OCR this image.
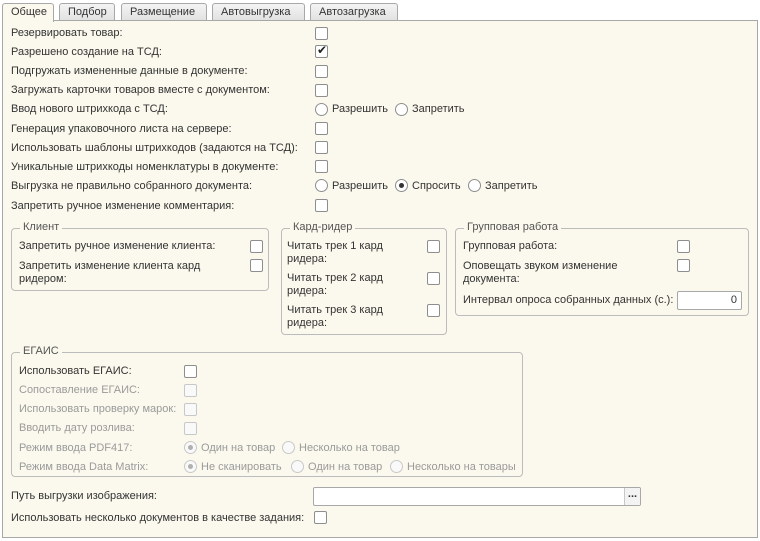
Общее	Подбор	Размещение	Автовыгрузка	Автозагрузка
Резервировать товар:
Разрешено создание на ТСД:	✔
Подгружать измененные данные в документе:
Загружать карточки товаров вместе с документом:
Ввод нового штрихкода с ТСД:	Разрешить Запретить
Генерация упаковочного листа на сервере:
Использовать шаблоны штрихкодов (задаются на ТСД):
Уникальные штрихкоды номенклатуры в документе:
Выгрузка не правильно собранного документа:	Разрешить Спросить Запретить
Запретить ручное изменение комментария:
Клиент
Запретить ручное изменение клиента:
Запретить изменение клиента кард
ридером:
Кард-ридер
Читать трек 1 кард
ридера:
Читать трек 2 кард
ридера:
Читать трек 3 кард
ридера:
Групповая работа
Групповая работа:
Оповещать звуком изменение
документа:
Интервал опроса собранных данных (с.):	0
ЕГАИС
Использовать ЕГАИС:
Сопоставление ЕГАИС:
Использовать проверку марок:
Вводить дату розлива:
Режим ввода PDF417:	Один на товар Несколько на товар
Режим ввода Data Matrix:	Не сканировать Один на товар Несколько на товары
Путь выгрузки изображения:	...
Использовать несколько документов в качестве задания:
